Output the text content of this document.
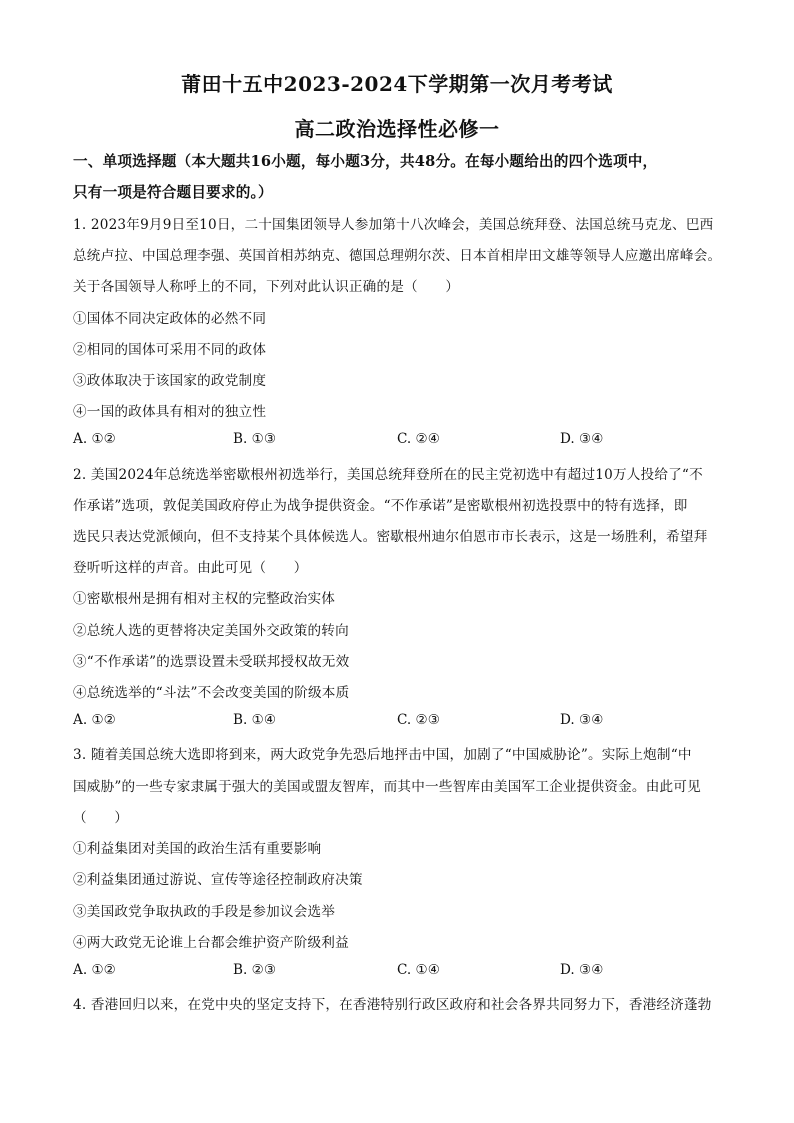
莆田十五中2023-2024下学期第一次月考考试
高二政治选择性必修一
一、单项选择题（本大题共16小题，每小题3分，共48分。在每小题给出的四个选项中，
只有一项是符合题目要求的。）
1. 2023年9月9日至10日，二十国集团领导人参加第十八次峰会，美国总统拜登、法国总统马克龙、巴西
总统卢拉、中国总理李强、英国首相苏纳克、德国总理朔尔茨、日本首相岸田文雄等领导人应邀出席峰会。
关于各国领导人称呼上的不同，下列对此认识正确的是（　　）
①国体不同决定政体的必然不同
②相同的国体可采用不同的政体
③政体取决于该国家的政党制度
④一国的政体具有相对的独立性
A. ①②	B. ①③	C. ②④	D. ③④
2. 美国2024年总统选举密歇根州初选举行，美国总统拜登所在的民主党初选中有超过10万人投给了“不
作承诺”选项，敦促美国政府停止为战争提供资金。“不作承诺”是密歇根州初选投票中的特有选择，即
选民只表达党派倾向，但不支持某个具体候选人。密歇根州迪尔伯恩市市长表示，这是一场胜利，希望拜
登听听这样的声音。由此可见（　　）
①密歇根州是拥有相对主权的完整政治实体
②总统人选的更替将决定美国外交政策的转向
③“不作承诺”的选票设置未受联邦授权故无效
④总统选举的“斗法”不会改变美国的阶级本质
A. ①②	B. ①④	C. ②③	D. ③④
3. 随着美国总统大选即将到来，两大政党争先恐后地抨击中国，加剧了“中国威胁论”。实际上炮制“中
国威胁”的一些专家隶属于强大的美国或盟友智库，而其中一些智库由美国军工企业提供资金。由此可见
（　　）
①利益集团对美国的政治生活有重要影响
②利益集团通过游说、宣传等途径控制政府决策
③美国政党争取执政的手段是参加议会选举
④两大政党无论谁上台都会维护资产阶级利益
A. ①②	B. ②③	C. ①④	D. ③④
4. 香港回归以来，在党中央的坚定支持下，在香港特别行政区政府和社会各界共同努力下，香港经济蓬勃
